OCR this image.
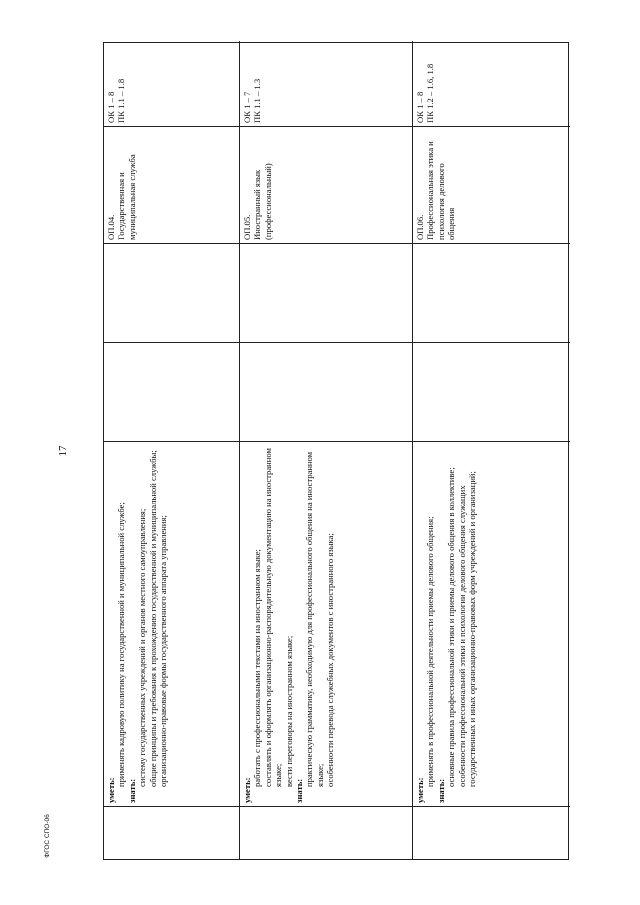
17

уметь:

применять кадровую политику на государственной и муниципальной службе;

знать:

систему государственных учреждений и органов местного самоуправления; общие принципы и требования к прохождению государственной и муниципальной службы; организационно-правовые формы государственного аппарата управления;

ОП.04. Государственная и муниципальная служба

ОК 1 – 8 ПК 1.1 – 1.8

уметь:

работать с профессиональными текстами на иностранном языке; составлять и оформлять организационно-распорядительную документацию на иностранном языке; вести переговоры на иностранном языке;

знать:

практическую грамматику, необходимую для профессионального общения на иностранном языке; особенности перевода служебных документов с иностранного языка;

ОП.05. Иностранный язык (профессиональный)

ОК 1 – 7 ПК 1.1 – 1.3

уметь:

применять в профессиональной деятельности приемы делового общения;

знать:

основные правила профессиональной этики и приемы делового общения в коллективе; особенности профессиональной этики и психологии делового общения служащих государственных и иных организационно-правовых форм учреждений и организаций;

ОП.06. Профессиональная этика и психология делового общения

ОК 1 – 8 ПК 1.2 – 1.6, 1.8

ФГОС СПО-06
